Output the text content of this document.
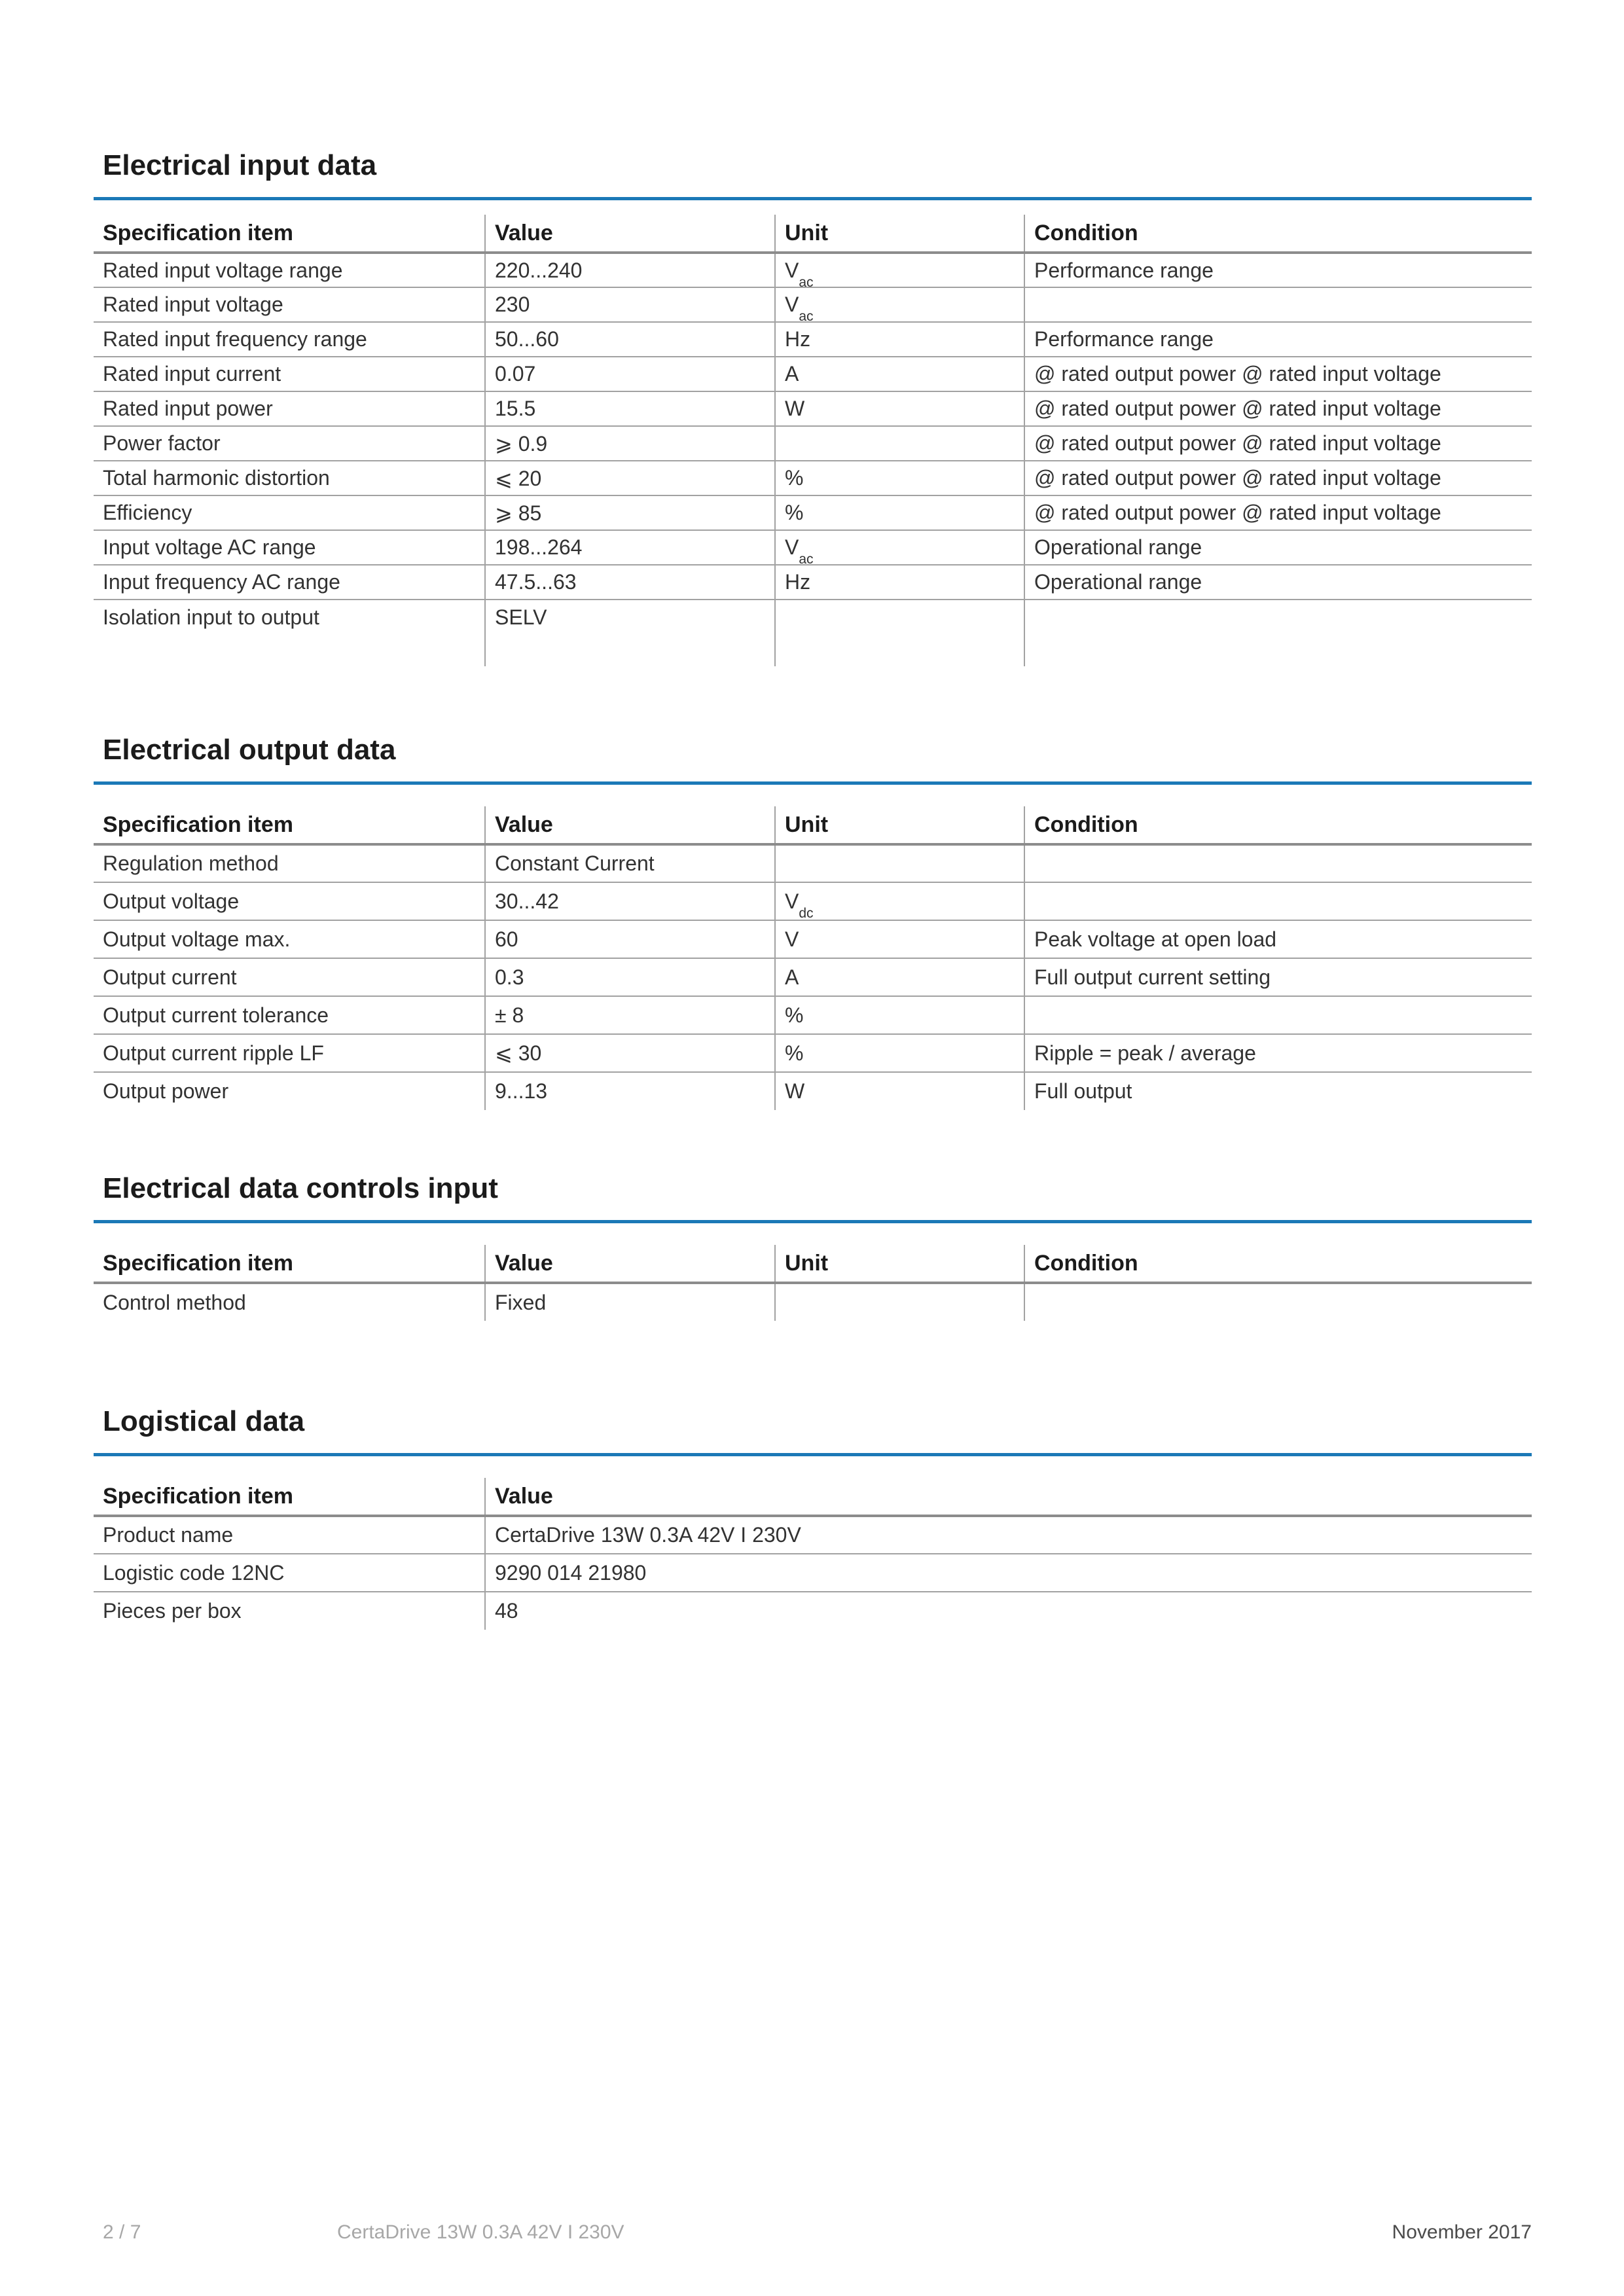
Electrical input data
Specification item	Value	Unit	Condition
Rated input voltage range	220...240	$V_{ac}$	Performance range
Rated input voltage	230	$V_{ac}$	
Rated input frequency range	50...60	Hz	Performance range
Rated input current	0.07	A	@ rated output power @ rated input voltage
Rated input power	15.5	W	@ rated output power @ rated input voltage
Power factor	⩾ 0.9		@ rated output power @ rated input voltage
Total harmonic distortion	⩽ 20	%	@ rated output power @ rated input voltage
Efficiency	⩾ 85	%	@ rated output power @ rated input voltage
Input voltage AC range	198...264	$V_{ac}$	Operational range
Input frequency AC range	47.5...63	Hz	Operational range
Isolation input to output	SELV		

Electrical output data
Specification item	Value	Unit	Condition
Regulation method	Constant Current		
Output voltage	30...42	$V_{dc}$	
Output voltage max.	60	V	Peak voltage at open load
Output current	0.3	A	Full output current setting
Output current tolerance	± 8	%	
Output current ripple LF	⩽ 30	%	Ripple = peak / average
Output power	9...13	W	Full output
Electrical data controls input
Specification item	Value	Unit	Condition
Control method	Fixed		
Logistical data
Specification item	Value
Product name	CertaDrive 13W 0.3A 42V I 230V
Logistic code 12NC	9290 014 21980
Pieces per box	48
2 / 7	CertaDrive 13W 0.3A 42V I 230V	November 2017
